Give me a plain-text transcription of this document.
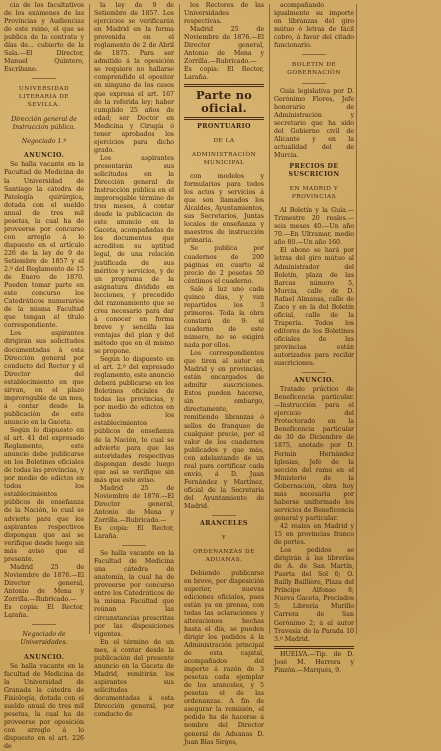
cia de los facultativos de los exámenes de las Provincias y Audiencias de este reino, el que se publica de la contrata y días de... cubierto de la Sala.—El Director, Manuel Quintero, Escribano.

UNIVERSIDAD LITERARIA DE SEVILLA.

Dirección general de Instrucción pública.

Negociado 1.º

ANUNCIO.

Se halla vacante en la Facultad de Medicina de la Universidad de Santiago la cátedra de Patología quirúrgica, dotada con el sueldo anual de tres mil pesetas, la cual ha de proveerse por concurso con arreglo á lo dispuesto en el artículo 226 de la ley de 9 de Setiembre de 1857 y el 2.º del Reglamento de 15 de Enero de 1870. Pueden tomar parte en este concurso los Catedráticos numerarios de la misma Facultad que tengan el título correspondiente.

Los aspirantes dirigirán sus solicitudes documentadas á esta Dirección general por conducto del Rector y el Director del establecimiento en que sirvan, en el plazo improrogable de un mes, á contar desde la publicación de este anuncio en la Gaceta.

Según lo dispuesto en el art. 41 del expresado Reglamento, este anuncio debe publicarse en los Boletines oficiales de todas las provincias, y por medio de edictos en todos los establecimientos públicos de enseñanza de la Nación, lo cual se advierte para que los aspirantes respectivos dispongan que así se verifique desde luego sin más aviso que el presente.

Madrid 25 de Noviembre de 1876.—El Director general, Antonio de Mena y Zorrilla.—Rubricado.—Es copia: El Rector, Laraña.

Negociado de Universidades.

ANUNCIO.

Se halla vacante en la facultad de Medicina de la Universidad de Granada la cátedra de Fisiología, dotada con el sueldo anual de tres mil pesetas, la cual ha de proveerse por oposición con arreglo á lo dispuesto en el art. 226 de

la ley de 9 de Setiembre de 1857. Los ejercicios se verificarán en Madrid en la forma prevenida en el reglamento de 2 de Abril de 1875. Para ser admitido á la oposición se requiere no hallarse comprendido el opositor en ninguno de los casos que expresa el art. 167 de la referida ley; haber cumplido 25 años de edad; ser Doctor en Medicina y Cirugía ó tener aprobados los ejercicios para dicho grado.

Los aspirantes presentarán sus solicitudes en la Dirección general de Instrucción pública en el improrogable término de tres meses, á contar desde la publicación de este anuncio en la Gaceta, acompañadas de los documentos que acrediten su aptitud legal, de una relación justificada de sus méritos y servicios, y de un programa de la asignatura dividido en lecciones, y precedido del razonamiento que se crea necesario para dar á conocer en forma breve y sencilla las ventajas del plan y del método que en él mismo se propone.

Según lo dispuesto en el art. 2.º del expresado reglamento, este anuncio deberá publicarse en los Boletines oficiales de todas las provincias, y por medio de edictos en todos los establecimientos públicos de enseñanza de la Nación, lo cual se advierte para que las autoridades respectivas dispongan desde luego que así se verifique sin más que este aviso.

Madrid 25 de Noviembre de 1876.—El Director general, Antonio de Mena y Zorrilla.—Rubricado.—Es copia: El Rector, Laraña.

Se halla vacante en la Facultad de Medicina una cátedra de anatomía, la cual ha de proveerse por concurso entre los Catedráticos de la misma Facultad que reúnan las circunstancias prescritas por las disposiciones vigentes.

En el término de un mes, á contar desde la publicación del presente anuncio en la Gaceta de Madrid, remitirán los aspirantes sus solicitudes documentadas á esta Dirección general, por conducto de

los Rectores de las Universidades respectivas.

Madrid 25 de Noviembre de 1876.—El Director general, Antonio de Mena y Zorrilla.—Rubricado.—Es copia: El Rector, Laraña.

Parte no oficial.

PRONTUARIO

DE LA

ADMINISTRACIÓN MUNICIPAL

con modelos y formularios para todos los actos y servicios á que son llamados los Alcaldes, Ayuntamientos, sus Secretarios, Juntas locales de enseñanza y maestros de instrucción primaria.

Se publica por cuadernos de 200 páginas en cuarto al precio de 2 pesetas 50 céntimos el cuaderno.

Sale á luz uno cada quince días, y van repartidos los 3 primeros. Toda la obra constará de 9: el cuaderno de este número, no se exigirá nada por ellos.

Los correspondientes que tiren al autor en Madrid y en provincias, están encargados de admitir suscriciones. Estos pueden hacerse, sin embargo, directamente, remitiendo libranzas ó sellos de franqueo de cualquier precio, por el valor de los cuadernos publicados y que más, con adelantando de un real para certificar cada envío, á D. Juan Fernández y Martínez, oficial de la Secretaría del Ayuntamiento de Madrid.

ARANCELES

Y

ORDENANZAS DE ADUANAS.

Debiendo publicarse en breve, por disposición superior, nuevas ediciones oficiales, pues están ya en prensa, con todas las aclaraciones y alteraciones hechas hasta el día, se pueden dirigir los pedidos á la Administración principal de esta capital, acompañados del importe á razón de 3 pesetas cada ejemplar de los aranceles, y 5 pesetas el de las ordenanzas. A fin de asegurar la remisión, el pedido ha de hacerse á nombre del Director general de Aduanas D. Juan Blas Sirges,

acompañando igualmente su importe en libranzas del giro mútuo ó letras de fácil cobro, á favor del citado funcionario.

BOLETÍN DE GOBERNACIÓN

Guía legislativa por D. Gerónimo Flores, Jefe honorario de Administración y secretario que ha sido del Gobierno civil de Alicante y en la actualidad del de Murcia.

PRECIOS DE SUSCRICION

EN MADRID Y PROVINCIAS

Al Boletín y la Guía.—Trimestre 20 reales.—seis meses 40.—Un año 70.—En Ultramar, medio año 80.—Un año 160.

El abono se hará por letras del giro mútuo al Administrador del Boletín, plaza de las Barcas número 5, Murcia, calle de D. Rafael Almansa, calle de Zaco y en la del Boletín oficial, calle de la Trapería. Todos los editores de los Boletines oficiales de las provincias están autorizados para recibir suscriciones.

ANUNCIO.

Tratado práctico de Beneficencia particular.—Instrucción para el ejercicio del Protectorado en la Beneficencia particular de 30 de Diciembre de 1875, anotado por D. Fermín Hernández Iglesias, Jefe de la sección del ramo en el Ministerio de la Gobernación, obra hoy más necesaria por haberse uniformado los servicios de Beneficencia general y particular.

42 reales en Madrid y 15 en provincias franco de portes.

Los pedidos se dirigirán á las librerías de A. de San Martín, Puerta del Sol 6; O. Bailly Baillière, Plaza del Príncipe Alfonso 8; Nueva Gaceta, Preciados 5; Librería Murillo Carrera de San Gerónimo 2; á al autor Travesía de la Parada 10 3.º Madrid.

HUELVA.—Tip. de D. José M. Herrera y Pinzón.—Marqués, 9.
